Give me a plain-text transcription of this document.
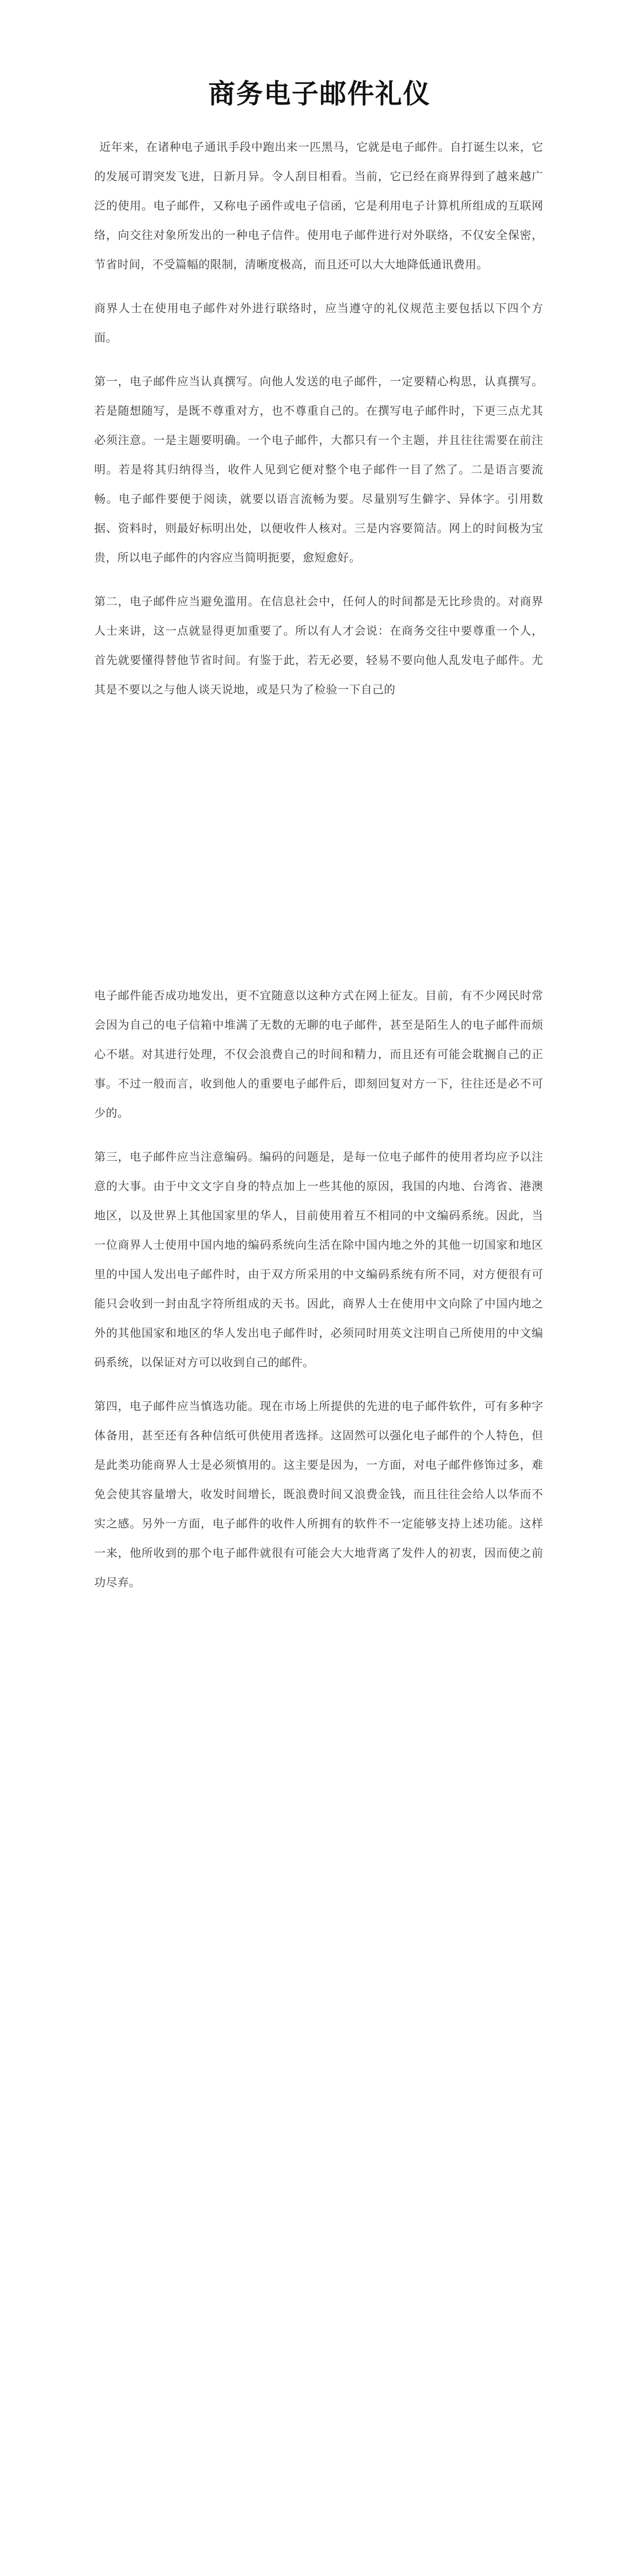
商务电子邮件礼仪

近年来，在诸种电子通讯手段中跑出来一匹黑马，它就是电子邮件。自打诞生以来，它的发展可谓突发飞进，日新月异。令人刮目相看。当前，它已经在商界得到了越来越广泛的使用。电子邮件，又称电子函件或电子信函，它是利用电子计算机所组成的互联网络，向交往对象所发出的一种电子信件。使用电子邮件进行对外联络，不仅安全保密，节省时间，不受篇幅的限制，清晰度极高，而且还可以大大地降低通讯费用。

商界人士在使用电子邮件对外进行联络时，应当遵守的礼仪规范主要包括以下四个方面。

第一，电子邮件应当认真撰写。向他人发送的电子邮件，一定要精心构思，认真撰写。若是随想随写，是既不尊重对方，也不尊重自己的。在撰写电子邮件时，下更三点尤其必须注意。一是主题要明确。一个电子邮件，大都只有一个主题，并且往往需要在前注明。若是将其归纳得当，收件人见到它便对整个电子邮件一目了然了。二是语言要流畅。电子邮件要便于阅读，就要以语言流畅为要。尽量别写生僻字、异体字。引用数据、资料时，则最好标明出处，以便收件人核对。三是内容要简洁。网上的时间极为宝贵，所以电子邮件的内容应当简明扼要，愈短愈好。

第二，电子邮件应当避免滥用。在信息社会中，任何人的时间都是无比珍贵的。对商界人士来讲，这一点就显得更加重要了。所以有人才会说：在商务交往中要尊重一个人，首先就要懂得替他节省时间。有鉴于此，若无必要，轻易不要向他人乱发电子邮件。尤其是不要以之与他人谈天说地，或是只为了检验一下自己的

电子邮件能否成功地发出，更不宜随意以这种方式在网上征友。目前，有不少网民时常会因为自己的电子信箱中堆满了无数的无聊的电子邮件，甚至是陌生人的电子邮件而烦心不堪。对其进行处理，不仅会浪费自己的时间和精力，而且还有可能会耽搁自己的正事。不过一般而言，收到他人的重要电子邮件后，即刻回复对方一下，往往还是必不可少的。

第三，电子邮件应当注意编码。编码的问题是，是每一位电子邮件的使用者均应予以注意的大事。由于中文文字自身的特点加上一些其他的原因，我国的内地、台湾省、港澳地区，以及世界上其他国家里的华人，目前使用着互不相同的中文编码系统。因此，当一位商界人士使用中国内地的编码系统向生活在除中国内地之外的其他一切国家和地区里的中国人发出电子邮件时，由于双方所采用的中文编码系统有所不同，对方便很有可能只会收到一封由乱字符所组成的天书。因此，商界人士在使用中文向除了中国内地之外的其他国家和地区的华人发出电子邮件时，必须同时用英文注明自己所使用的中文编码系统，以保证对方可以收到自己的邮件。

第四，电子邮件应当慎选功能。现在市场上所提供的先进的电子邮件软件，可有多种字体备用，甚至还有各种信纸可供使用者选择。这固然可以强化电子邮件的个人特色，但是此类功能商界人士是必须慎用的。这主要是因为，一方面，对电子邮件修饰过多，难免会使其容量增大，收发时间增长，既浪费时间又浪费金钱，而且往往会给人以华而不实之感。另外一方面，电子邮件的收件人所拥有的软件不一定能够支持上述功能。这样一来，他所收到的那个电子邮件就很有可能会大大地背离了发件人的初衷，因而使之前功尽弃。
